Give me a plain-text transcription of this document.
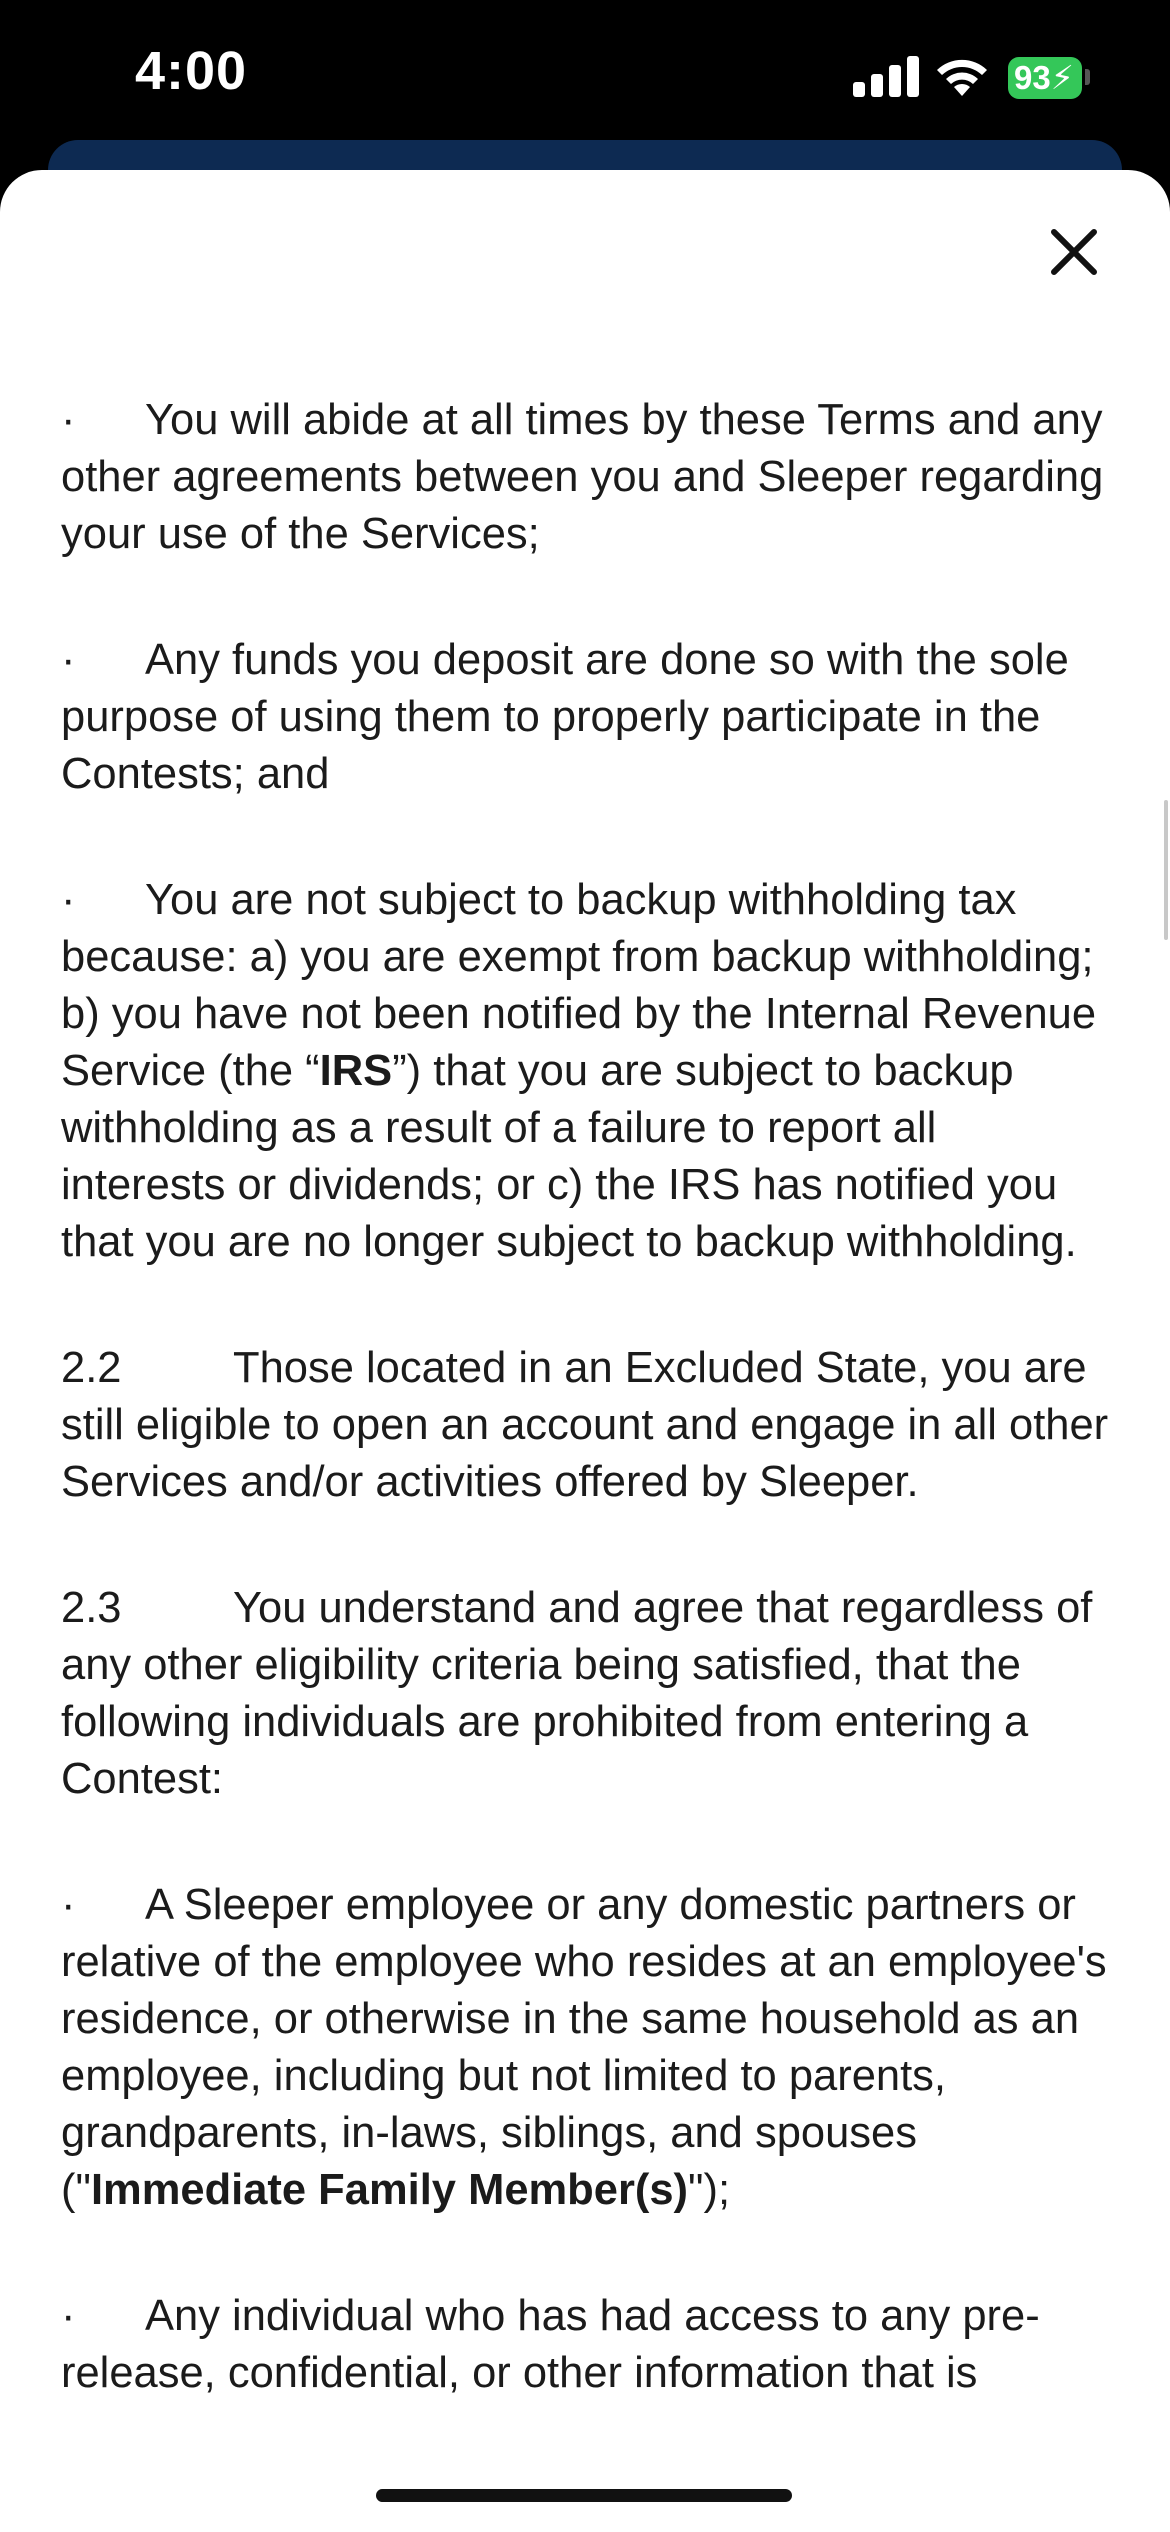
4:00	93⚡

· You will abide at all times by these Terms and any other agreements between you and Sleeper regarding your use of the Services;

· Any funds you deposit are done so with the sole purpose of using them to properly participate in the Contests; and

· You are not subject to backup withholding tax because: a) you are exempt from backup withholding; b) you have not been notified by the Internal Revenue Service (the “IRS”) that you are subject to backup withholding as a result of a failure to report all interests or dividends; or c) the IRS has notified you that you are no longer subject to backup withholding.

2.2	Those located in an Excluded State, you are still eligible to open an account and engage in all other Services and/or activities offered by Sleeper.

2.3	You understand and agree that regardless of any other eligibility criteria being satisfied, that the following individuals are prohibited from entering a Contest:

· A Sleeper employee or any domestic partners or relative of the employee who resides at an employee's residence, or otherwise in the same household as an employee, including but not limited to parents, grandparents, in-laws, siblings, and spouses ("Immediate Family Member(s)");

· Any individual who has had access to any pre-release, confidential, or other information that is
